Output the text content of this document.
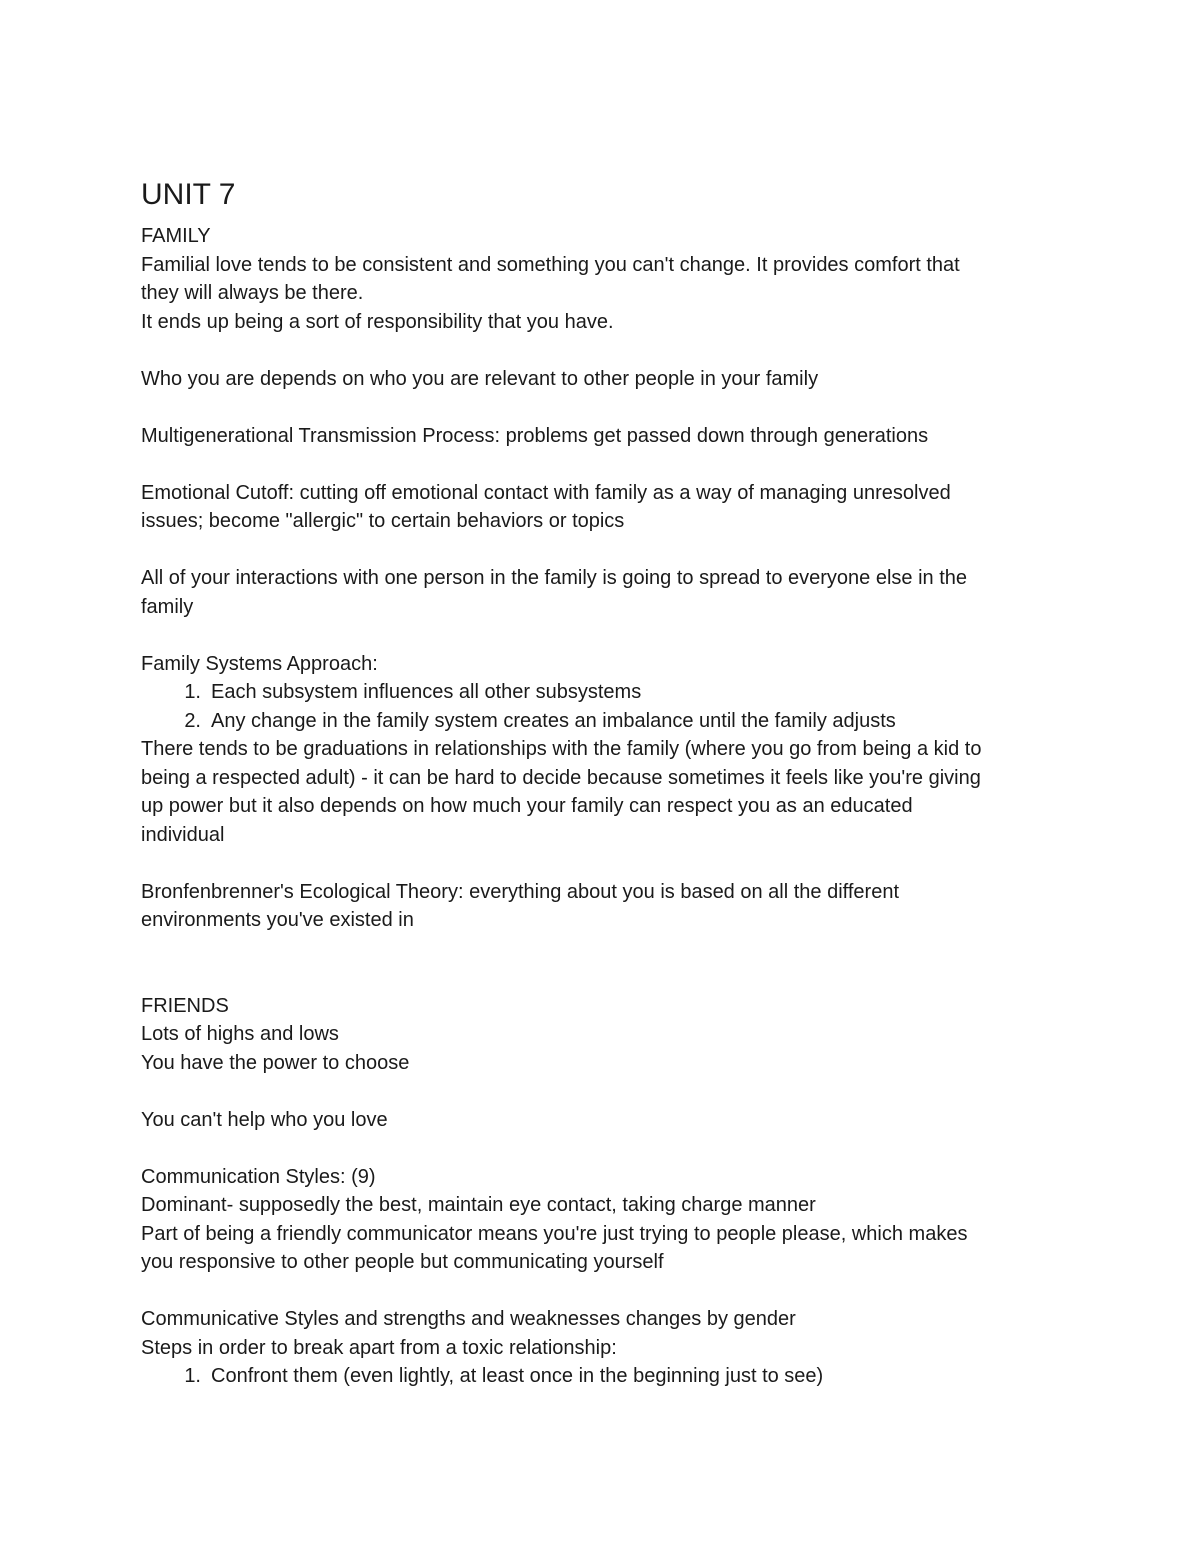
UNIT 7

FAMILY

Familial love tends to be consistent and something you can't change. It provides comfort that

they will always be there.

It ends up being a sort of responsibility that you have.

Who you are depends on who you are relevant to other people in your family

Multigenerational Transmission Process: problems get passed down through generations

Emotional Cutoff: cutting off emotional contact with family as a way of managing unresolved

issues; become "allergic" to certain behaviors or topics

All of your interactions with one person in the family is going to spread to everyone else in the

family

Family Systems Approach:

1. Each subsystem influences all other subsystems
2. Any change in the family system creates an imbalance until the family adjusts

There tends to be graduations in relationships with the family (where you go from being a kid to

being a respected adult) - it can be hard to decide because sometimes it feels like you're giving

up power but it also depends on how much your family can respect you as an educated

individual

Bronfenbrenner's Ecological Theory: everything about you is based on all the different

environments you've existed in

FRIENDS

Lots of highs and lows

You have the power to choose

You can't help who you love

Communication Styles: (9)

Dominant- supposedly the best, maintain eye contact, taking charge manner

Part of being a friendly communicator means you're just trying to people please, which makes

you responsive to other people but communicating yourself

Communicative Styles and strengths and weaknesses changes by gender

Steps in order to break apart from a toxic relationship:

1. Confront them (even lightly, at least once in the beginning just to see)
